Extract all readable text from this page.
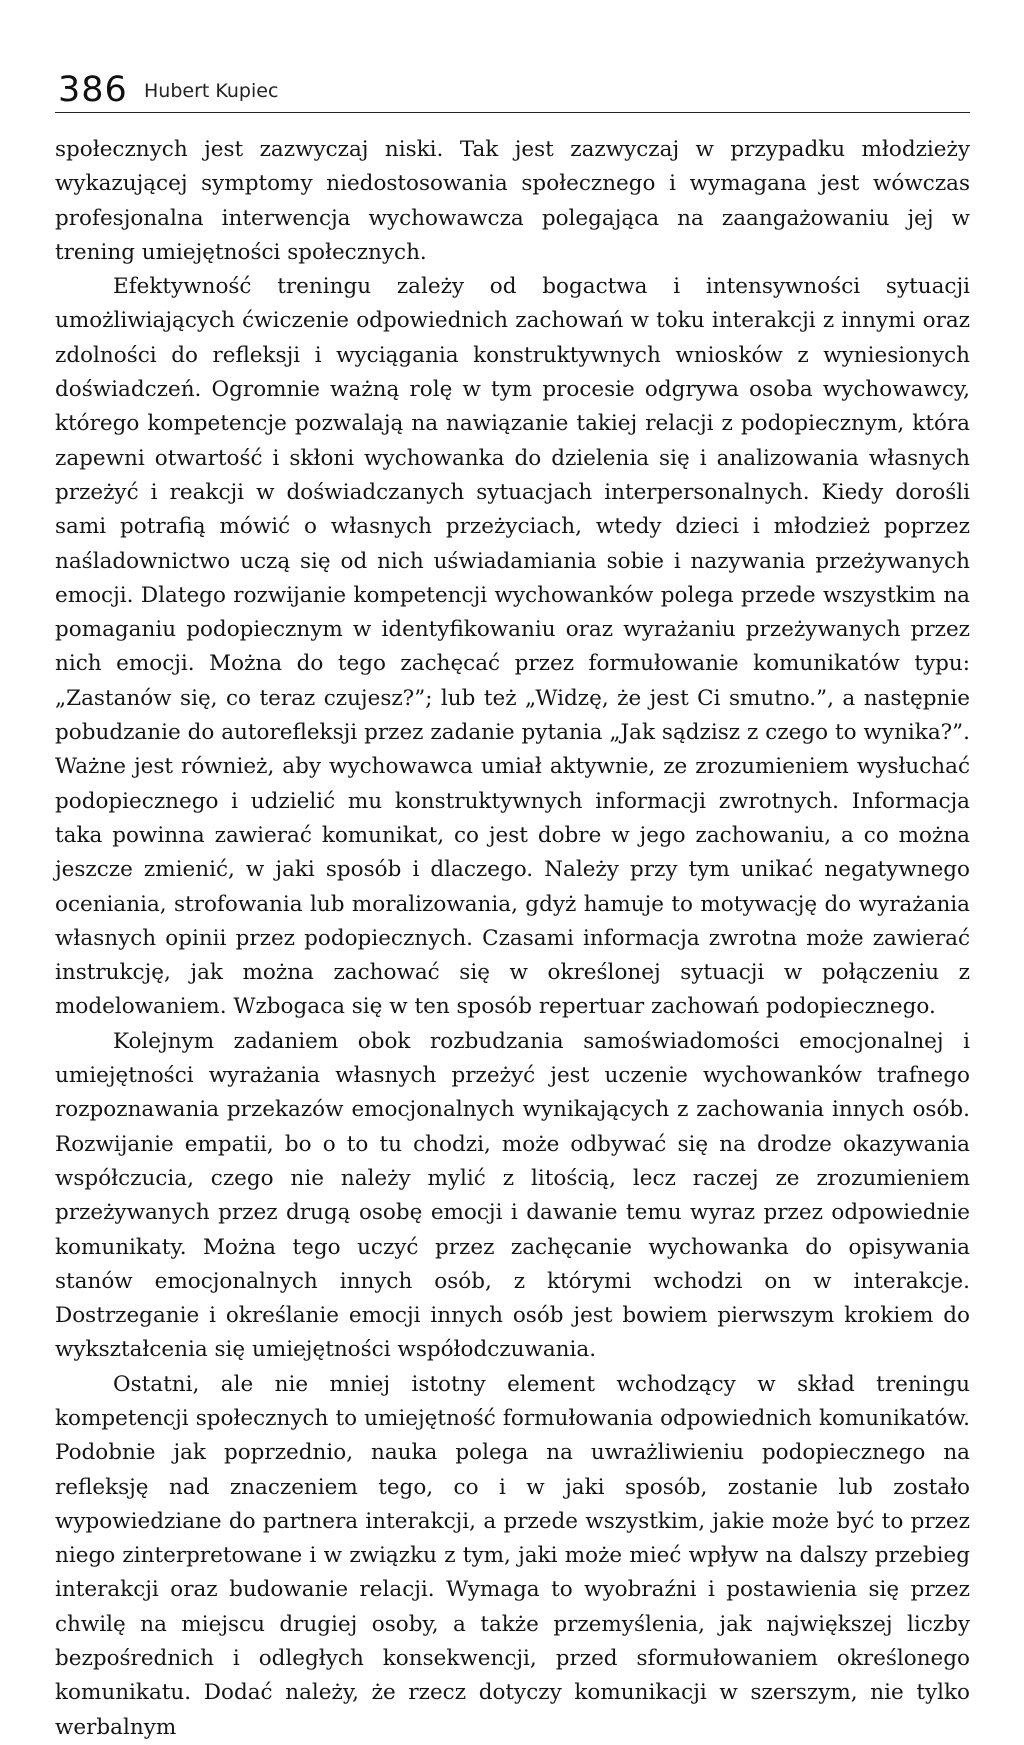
386 Hubert Kupiec

społecznych jest zazwyczaj niski. Tak jest zazwyczaj w przypadku młodzieży wykazującej symptomy niedostosowania społecznego i wymagana jest wówczas profesjonalna interwencja wychowawcza polegająca na zaangażowaniu jej w trening umiejętności społecznych.

Efektywność treningu zależy od bogactwa i intensywności sytuacji umożliwiających ćwiczenie odpowiednich zachowań w toku interakcji z innymi oraz zdolności do refleksji i wyciągania konstruktywnych wniosków z wyniesionych doświadczeń. Ogromnie ważną rolę w tym procesie odgrywa osoba wychowawcy, którego kompetencje pozwalają na nawiązanie takiej relacji z podopiecznym, która zapewni otwartość i skłoni wychowanka do dzielenia się i analizowania własnych przeżyć i reakcji w doświadczanych sytuacjach interpersonalnych. Kiedy dorośli sami potrafią mówić o własnych przeżyciach, wtedy dzieci i młodzież poprzez naśladownictwo uczą się od nich uświadamiania sobie i nazywania przeżywanych emocji. Dlatego rozwijanie kompetencji wychowanków polega przede wszystkim na pomaganiu podopiecznym w identyfikowaniu oraz wyrażaniu przeżywanych przez nich emocji. Można do tego zachęcać przez formułowanie komunikatów typu: „Zastanów się, co teraz czujesz?”; lub też „Widzę, że jest Ci smutno.”, a następnie pobudzanie do autorefleksji przez zadanie pytania „Jak sądzisz z czego to wynika?”. Ważne jest również, aby wychowawca umiał aktywnie, ze zrozumieniem wysłuchać podopiecznego i udzielić mu konstruktywnych informacji zwrotnych. Informacja taka powinna zawierać komunikat, co jest dobre w jego zachowaniu, a co można jeszcze zmienić, w jaki sposób i dlaczego. Należy przy tym unikać negatywnego oceniania, strofowania lub moralizowania, gdyż hamuje to motywację do wyrażania własnych opinii przez podopiecznych. Czasami informacja zwrotna może zawierać instrukcję, jak można zachować się w określonej sytuacji w połączeniu z modelowaniem. Wzbogaca się w ten sposób repertuar zachowań podopiecznego.

Kolejnym zadaniem obok rozbudzania samoświadomości emocjonalnej i umiejętności wyrażania własnych przeżyć jest uczenie wychowanków trafnego rozpoznawania przekazów emocjonalnych wynikających z zachowania innych osób. Rozwijanie empatii, bo o to tu chodzi, może odbywać się na drodze okazywania współczucia, czego nie należy mylić z litością, lecz raczej ze zrozumieniem przeżywanych przez drugą osobę emocji i dawanie temu wyraz przez odpowiednie komunikaty. Można tego uczyć przez zachęcanie wychowanka do opisywania stanów emocjonalnych innych osób, z którymi wchodzi on w interakcje. Dostrzeganie i określanie emocji innych osób jest bowiem pierwszym krokiem do wykształcenia się umiejętności współodczuwania.

Ostatni, ale nie mniej istotny element wchodzący w skład treningu kompetencji społecznych to umiejętność formułowania odpowiednich komunikatów. Podobnie jak poprzednio, nauka polega na uwrażliwieniu podopiecznego na refleksję nad znaczeniem tego, co i w jaki sposób, zostanie lub zostało wypowiedziane do partnera interakcji, a przede wszystkim, jakie może być to przez niego zinterpretowane i w związku z tym, jaki może mieć wpływ na dalszy przebieg interakcji oraz budowanie relacji. Wymaga to wyobraźni i postawienia się przez chwilę na miejscu drugiej osoby, a także przemyślenia, jak największej liczby bezpośrednich i odległych konsekwencji, przed sformułowaniem określonego komunikatu. Dodać należy, że rzecz dotyczy komunikacji w szerszym, nie tylko werbalnym
